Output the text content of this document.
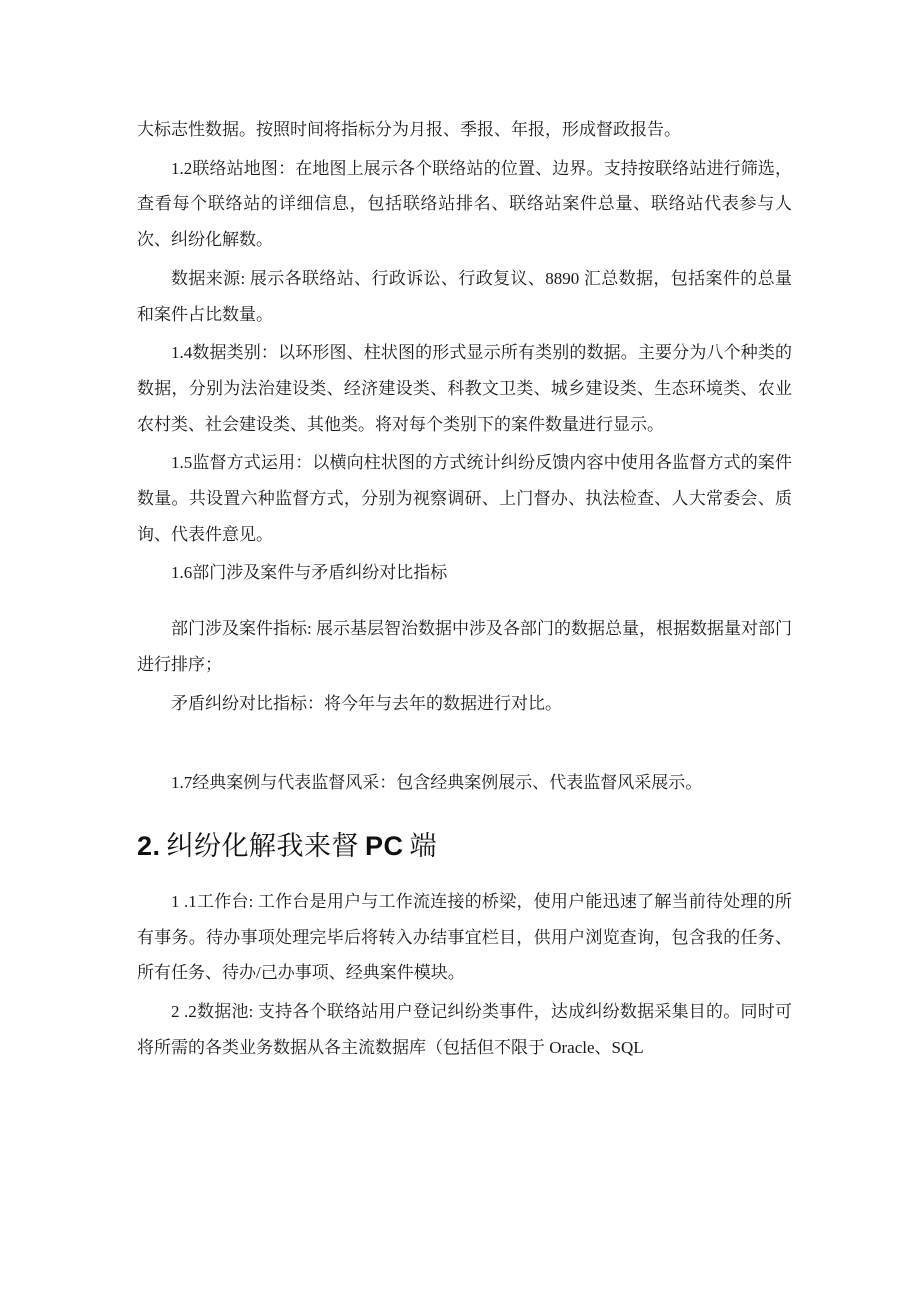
大标志性数据。按照时间将指标分为月报、季报、年报，形成督政报告。

1.2联络站地图：在地图上展示各个联络站的位置、边界。支持按联络站进行筛选，查看每个联络站的详细信息，包括联络站排名、联络站案件总量、联络站代表参与人次、纠纷化解数。

数据来源: 展示各联络站、行政诉讼、行政复议、8890 汇总数据，包括案件的总量和案件占比数量。

1.4数据类别：以环形图、柱状图的形式显示所有类别的数据。主要分为八个种类的数据，分别为法治建设类、经济建设类、科教文卫类、城乡建设类、生态环境类、农业农村类、社会建设类、其他类。将对每个类别下的案件数量进行显示。

1.5监督方式运用：以横向柱状图的方式统计纠纷反馈内容中使用各监督方式的案件数量。共设置六种监督方式，分别为视察调研、上门督办、执法检查、人大常委会、质询、代表件意见。

1.6部门涉及案件与矛盾纠纷对比指标

部门涉及案件指标: 展示基层智治数据中涉及各部门的数据总量，根据数据量对部门进行排序；

矛盾纠纷对比指标：将今年与去年的数据进行对比。

1.7经典案例与代表监督风采：包含经典案例展示、代表监督风采展示。

2. 纠纷化解我来督 PC 端

1 .1工作台: 工作台是用户与工作流连接的桥梁，使用户能迅速了解当前待处理的所有事务。待办事项处理完毕后将转入办结事宜栏目，供用户浏览查询，包含我的任务、所有任务、待办/己办事项、经典案件模块。

2 .2数据池: 支持各个联络站用户登记纠纷类事件，达成纠纷数据采集目的。同时可将所需的各类业务数据从各主流数据库（包括但不限于 Oracle、SQL
